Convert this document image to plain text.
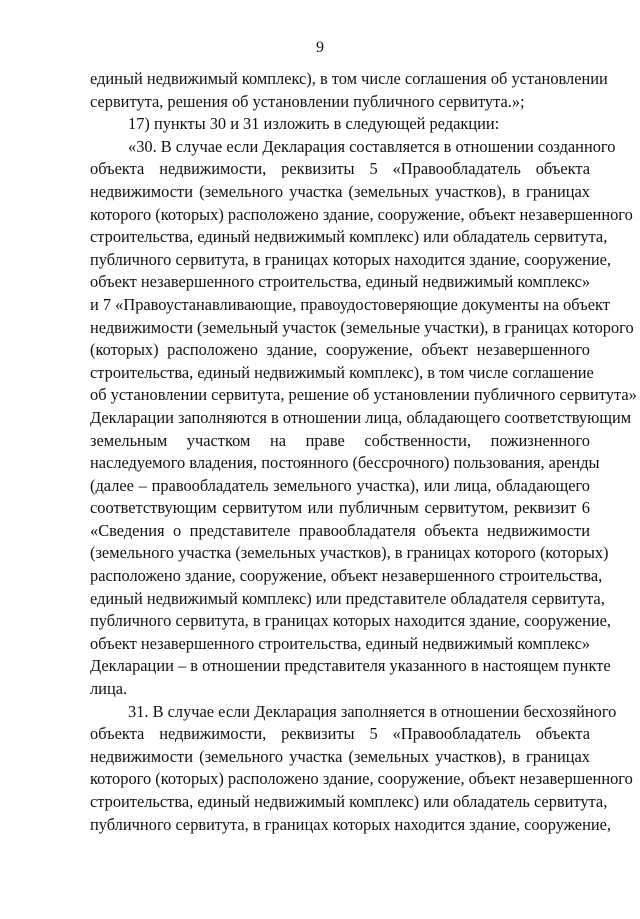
9
единый недвижимый комплекс), в том числе соглашения об установлении
сервитута, решения об установлении публичного сервитута.»;
17) пункты 30 и 31 изложить в следующей редакции:
«30. В случае если Декларация составляется в отношении созданного
объекта недвижимости, реквизиты 5 «Правообладатель объекта
недвижимости (земельного участка (земельных участков), в границах
которого (которых) расположено здание, сооружение, объект незавершенного
строительства, единый недвижимый комплекс) или обладатель сервитута,
публичного сервитута, в границах которых находится здание, сооружение,
объект незавершенного строительства, единый недвижимый комплекс»
и 7 «Правоустанавливающие, правоудостоверяющие документы на объект
недвижимости (земельный участок (земельные участки), в границах которого
(которых) расположено здание, сооружение, объект незавершенного
строительства, единый недвижимый комплекс), в том числе соглашение
об установлении сервитута, решение об установлении публичного сервитута»
Декларации заполняются в отношении лица, обладающего соответствующим
земельным участком на праве собственности, пожизненного
наследуемого владения, постоянного (бессрочного) пользования, аренды
(далее – правообладатель земельного участка), или лица, обладающего
соответствующим сервитутом или публичным сервитутом, реквизит 6
«Сведения о представителе правообладателя объекта недвижимости
(земельного участка (земельных участков), в границах которого (которых)
расположено здание, сооружение, объект незавершенного строительства,
единый недвижимый комплекс) или представителе обладателя сервитута,
публичного сервитута, в границах которых находится здание, сооружение,
объект незавершенного строительства, единый недвижимый комплекс»
Декларации – в отношении представителя указанного в настоящем пункте
лица.
31. В случае если Декларация заполняется в отношении бесхозяйного
объекта недвижимости, реквизиты 5 «Правообладатель объекта
недвижимости (земельного участка (земельных участков), в границах
которого (которых) расположено здание, сооружение, объект незавершенного
строительства, единый недвижимый комплекс) или обладатель сервитута,
публичного сервитута, в границах которых находится здание, сооружение,
